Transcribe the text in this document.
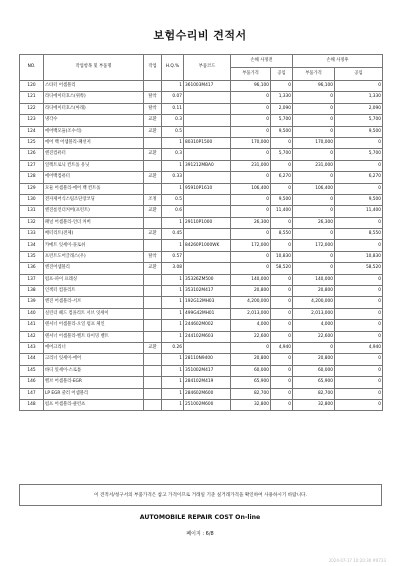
보험수리비 견적서
NO.	작업항목 및 부품명	작업	H.Q.%	부품코드	손해 사정전		손해 사정후	
					부품가격	공임	부품가격	공임
120	스타터 어셈블리		1	361003M417	96,100	0	96,100	0
121	라디에이터호스(위쪽)	탈착	0.07		0	1,330	0	1,330
122	라디에이터호스(아래)	탈착	0.11		0	2,090	0	2,090
123	냉각수	교환	0.3		0	5,700	0	5,700
124	에어백모듈(조수석)	교환	0.5		0	9,500	0	9,500
125	에어 백 어셈블리-패선저		1	80310P1500	170,000	0	170,000	0
126	엔진컴퓨터	교환	0.3		0	5,700	0	5,700
127	일렉트로닉 컨트롤 유닛		1	391212MBA0	231,000	0	231,000	0
128	에어백컴퓨터	교환	0.33		0	6,270	0	6,270
129	모듈 어셈블리-에어 백 컨트롤		1	95910P1610	106,400	0	106,400	0
130	전자제어식스팀조단장코딩	조정	0.5		0	9,500	0	9,500
131	엔진룸언더커버(프런트)	교환	0.6		0	11,400	0	11,400
132	패널 어셈블리-언더 커버		1	29110P1000	26,300	0	26,300	0
133	배터리트(전체)	교환	0.45		0	8,550	0	8,550
134	카메트 잇세이-플로쉬		1	84260P1000WK	172,000	0	172,000	0
135	프런트도어글래스(우)	탈착	0.57		0	10,830	0	10,830
136	엔진어셈블리	교환	3.08		0	58,520	0	58,520
137	펌프-파이 프레싱		1	35326ZM500	140,000	0	140,000	0
138	인젝터 컴플리트		1	353102M417	20,800	0	20,800	0
139	엔진 어셈블리-서브		1	192G12MH03	4,200,000	0	4,200,000	0
140	실린더 헤드 컴플리트 서브 잇세이		1	499G42MH01	2,013,000	0	2,013,000	0
141	텐셔너 어셈블리-오일 펌프 체인		1	244602M002	4,000	0	4,000	0
142	텐셔너 어셈블리-벨트 타이밍 벨트		1	244102M603	22,600	0	22,600	0
143	에어크리너	교환	0.26		0	4,940	0	4,940
144	크리너 잇세이-에어		1	28110N9400	20,800	0	20,800	0
145	바디 잇세이-스로틀		1	351002M417	60,000	0	60,000	0
146	밸브 어셈블리-EGR		1	284102M419	65,900	0	65,900	0
147	LP EGR 쿨러 어셈블리		1	284602M600	82,700	0	82,700	0
148	펌프 어셈블리-클런츠		1	251002M600	32,800	0	32,800	0
이 견적서/청구서의 부품가격은 참고 가격이므로 거래일 기준 실거래가격을 확인하여 사용하시기 바랍니다.
AUTOMOBILE REPAIR COST On-line
페이지 : 6/8
2024-07-17 10:20:30 #0733
